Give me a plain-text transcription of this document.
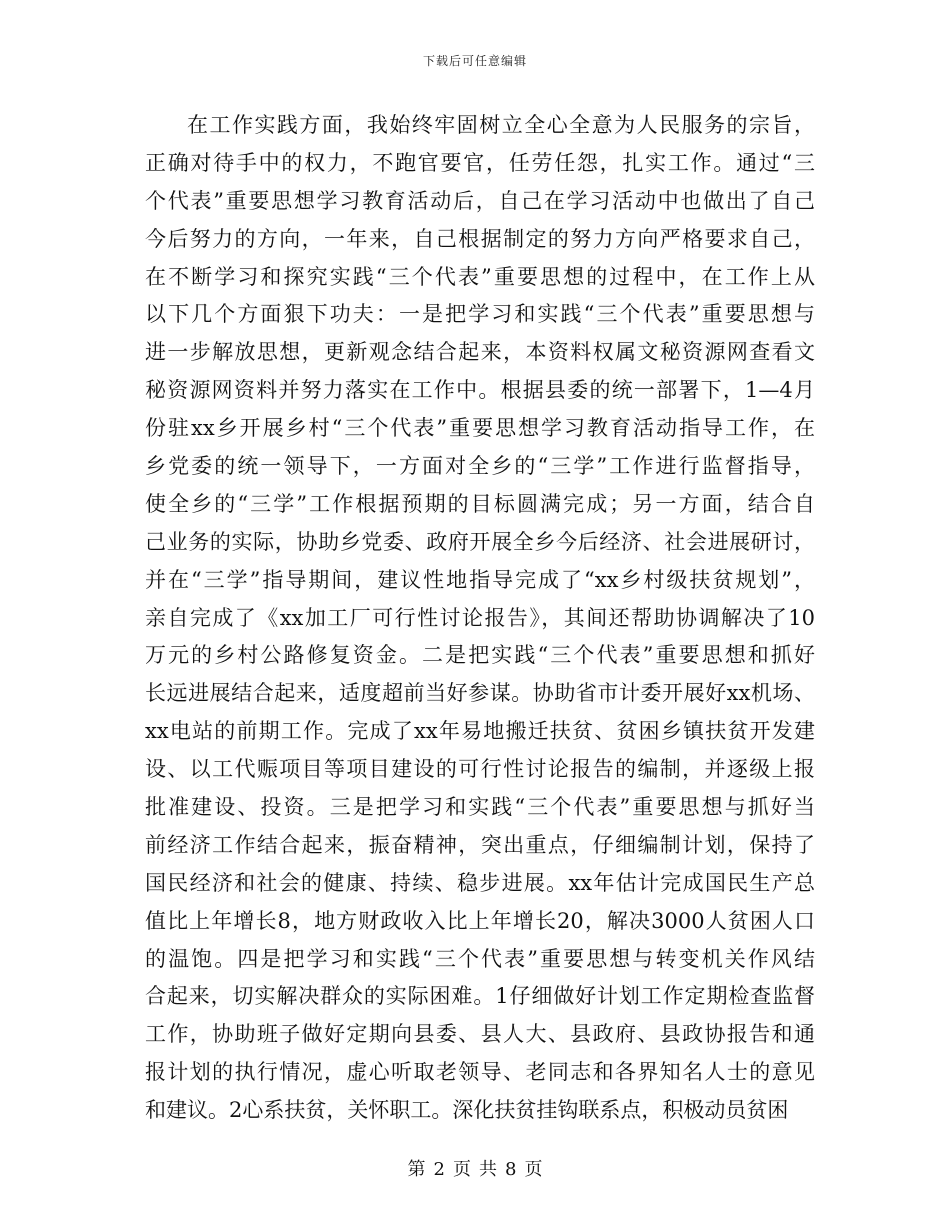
下载后可任意编辑
在工作实践方面，我始终牢固树立全心全意为人民服务的宗旨，
正确对待手中的权力，不跑官要官，任劳任怨，扎实工作。通过“三
个代表”重要思想学习教育活动后，自己在学习活动中也做出了自己
今后努力的方向，一年来，自己根据制定的努力方向严格要求自己，
在不断学习和探究实践“三个代表”重要思想的过程中，在工作上从
以下几个方面狠下功夫：一是把学习和实践“三个代表”重要思想与
进一步解放思想，更新观念结合起来，本资料权属文秘资源网查看文
秘资源网资料并努力落实在工作中。根据县委的统一部署下，1—4月
份驻xx乡开展乡村“三个代表”重要思想学习教育活动指导工作，在
乡党委的统一领导下，一方面对全乡的“三学”工作进行监督指导，
使全乡的“三学”工作根据预期的目标圆满完成；另一方面，结合自
己业务的实际，协助乡党委、政府开展全乡今后经济、社会进展研讨，
并在“三学”指导期间，建议性地指导完成了“xx乡村级扶贫规划”，
亲自完成了《xx加工厂可行性讨论报告》，其间还帮助协调解决了10
万元的乡村公路修复资金。二是把实践“三个代表”重要思想和抓好
长远进展结合起来，适度超前当好参谋。协助省市计委开展好xx机场、
xx电站的前期工作。完成了xx年易地搬迁扶贫、贫困乡镇扶贫开发建
设、以工代赈项目等项目建设的可行性讨论报告的编制，并逐级上报
批准建设、投资。三是把学习和实践“三个代表”重要思想与抓好当
前经济工作结合起来，振奋精神，突出重点，仔细编制计划，保持了
国民经济和社会的健康、持续、稳步进展。xx年估计完成国民生产总
值比上年增长8，地方财政收入比上年增长20，解决3000人贫困人口
的温饱。四是把学习和实践“三个代表”重要思想与转变机关作风结
合起来，切实解决群众的实际困难。1仔细做好计划工作定期检查监督
工作，协助班子做好定期向县委、县人大、县政府、县政协报告和通
报计划的执行情况，虚心听取老领导、老同志和各界知名人士的意见
和建议。2心系扶贫，关怀职工。深化扶贫挂钩联系点，积极动员贫困
第 2 页 共 8 页
